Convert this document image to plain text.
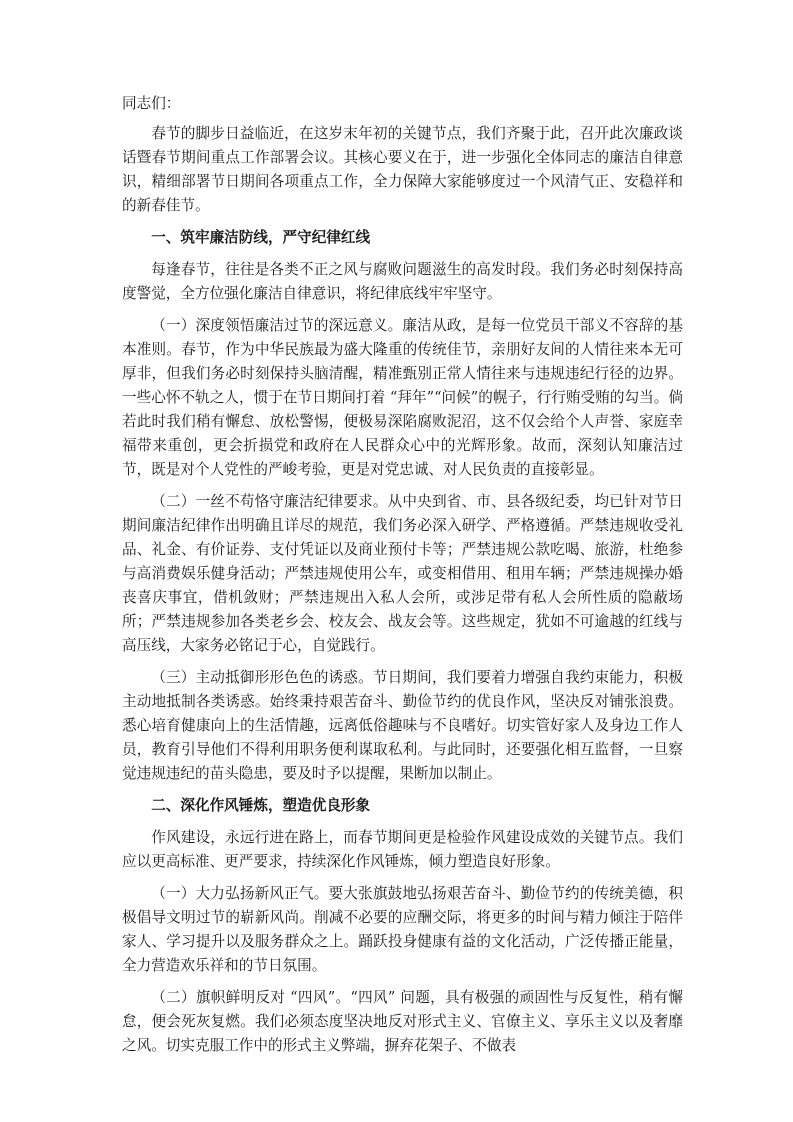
同志们：

春节的脚步日益临近，在这岁末年初的关键节点，我们齐聚于此，召开此次廉政谈话暨春节期间重点工作部署会议。其核心要义在于，进一步强化全体同志的廉洁自律意识，精细部署节日期间各项重点工作，全力保障大家能够度过一个风清气正、安稳祥和的新春佳节。

一、筑牢廉洁防线，严守纪律红线

每逢春节，往往是各类不正之风与腐败问题滋生的高发时段。我们务必时刻保持高度警觉，全方位强化廉洁自律意识，将纪律底线牢牢坚守。

（一）深度领悟廉洁过节的深远意义。廉洁从政，是每一位党员干部义不容辞的基本准则。春节，作为中华民族最为盛大隆重的传统佳节，亲朋好友间的人情往来本无可厚非，但我们务必时刻保持头脑清醒，精准甄别正常人情往来与违规违纪行径的边界。一些心怀不轨之人，惯于在节日期间打着 “拜年”“问候”的幌子，行行贿受贿的勾当。倘若此时我们稍有懈怠、放松警惕，便极易深陷腐败泥沼，这不仅会给个人声誉、家庭幸福带来重创，更会折损党和政府在人民群众心中的光辉形象。故而，深刻认知廉洁过节，既是对个人党性的严峻考验，更是对党忠诚、对人民负责的直接彰显。

（二）一丝不苟恪守廉洁纪律要求。从中央到省、市、县各级纪委，均已针对节日期间廉洁纪律作出明确且详尽的规范，我们务必深入研学、严格遵循。严禁违规收受礼品、礼金、有价证券、支付凭证以及商业预付卡等；严禁违规公款吃喝、旅游，杜绝参与高消费娱乐健身活动；严禁违规使用公车，或变相借用、租用车辆；严禁违规操办婚丧喜庆事宜，借机敛财；严禁违规出入私人会所，或涉足带有私人会所性质的隐蔽场所；严禁违规参加各类老乡会、校友会、战友会等。这些规定，犹如不可逾越的红线与高压线，大家务必铭记于心，自觉践行。

（三）主动抵御形形色色的诱惑。节日期间，我们要着力增强自我约束能力，积极主动地抵制各类诱惑。始终秉持艰苦奋斗、勤俭节约的优良作风，坚决反对铺张浪费。悉心培育健康向上的生活情趣，远离低俗趣味与不良嗜好。切实管好家人及身边工作人员，教育引导他们不得利用职务便利谋取私利。与此同时，还要强化相互监督，一旦察觉违规违纪的苗头隐患，要及时予以提醒，果断加以制止。

二、深化作风锤炼，塑造优良形象

作风建设，永远行进在路上，而春节期间更是检验作风建设成效的关键节点。我们应以更高标准、更严要求，持续深化作风锤炼，倾力塑造良好形象。

（一）大力弘扬新风正气。要大张旗鼓地弘扬艰苦奋斗、勤俭节约的传统美德，积极倡导文明过节的崭新风尚。削减不必要的应酬交际，将更多的时间与精力倾注于陪伴家人、学习提升以及服务群众之上。踊跃投身健康有益的文化活动，广泛传播正能量，全力营造欢乐祥和的节日氛围。

（二）旗帜鲜明反对 “四风”。“四风” 问题，具有极强的顽固性与反复性，稍有懈怠，便会死灰复燃。我们必须态度坚决地反对形式主义、官僚主义、享乐主义以及奢靡之风。切实克服工作中的形式主义弊端，摒弃花架子、不做表
